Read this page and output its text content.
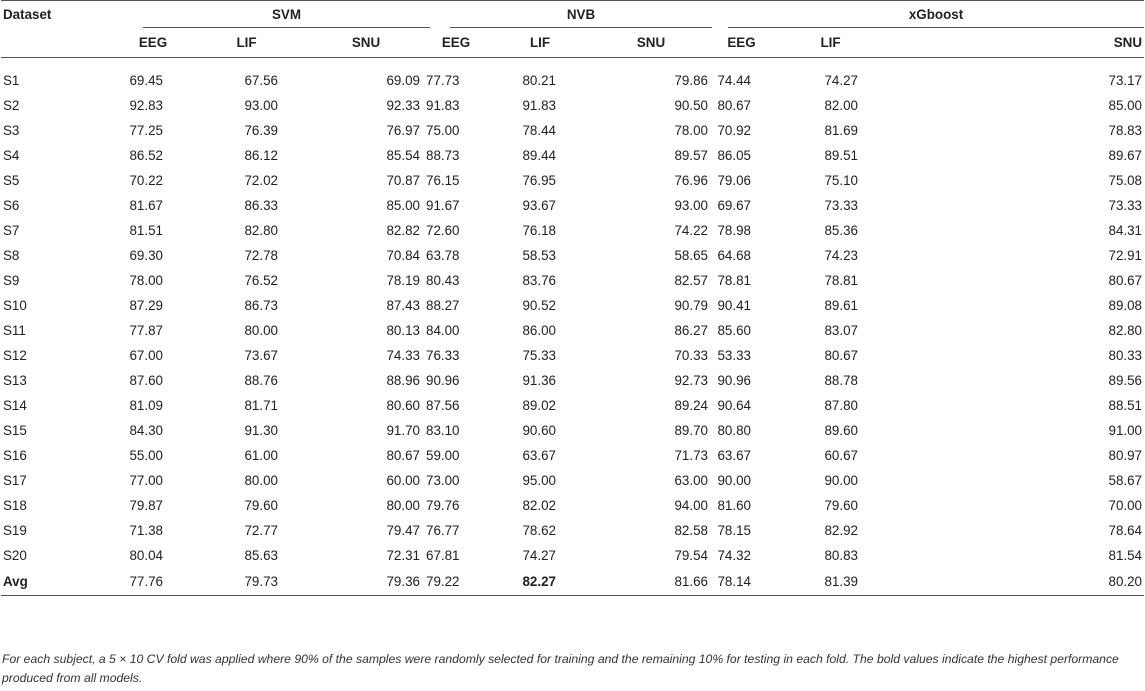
Dataset	SVM			NVB			xGboost		

	EEG	LIF	SNU	EEG	LIF	SNU	EEG	LIF	SNU
S1	69.45	67.56	69.09	77.73	80.21	79.86	74.44	74.27	73.17
S2	92.83	93.00	92.33	91.83	91.83	90.50	80.67	82.00	85.00
S3	77.25	76.39	76.97	75.00	78.44	78.00	70.92	81.69	78.83
S4	86.52	86.12	85.54	88.73	89.44	89.57	86.05	89.51	89.67
S5	70.22	72.02	70.87	76.15	76.95	76.96	79.06	75.10	75.08
S6	81.67	86.33	85.00	91.67	93.67	93.00	69.67	73.33	73.33
S7	81.51	82.80	82.82	72.60	76.18	74.22	78.98	85.36	84.31
S8	69.30	72.78	70.84	63.78	58.53	58.65	64.68	74.23	72.91
S9	78.00	76.52	78.19	80.43	83.76	82.57	78.81	78.81	80.67
S10	87.29	86.73	87.43	88.27	90.52	90.79	90.41	89.61	89.08
S11	77.87	80.00	80.13	84.00	86.00	86.27	85.60	83.07	82.80
S12	67.00	73.67	74.33	76.33	75.33	70.33	53.33	80.67	80.33
S13	87.60	88.76	88.96	90.96	91.36	92.73	90.96	88.78	89.56
S14	81.09	81.71	80.60	87.56	89.02	89.24	90.64	87.80	88.51
S15	84.30	91.30	91.70	83.10	90.60	89.70	80.80	89.60	91.00
S16	55.00	61.00	80.67	59.00	63.67	71.73	63.67	60.67	80.97
S17	77.00	80.00	60.00	73.00	95.00	63.00	90.00	90.00	58.67
S18	79.87	79.60	80.00	79.76	82.02	94.00	81.60	79.60	70.00
S19	71.38	72.77	79.47	76.77	78.62	82.58	78.15	82.92	78.64
S20	80.04	85.63	72.31	67.81	74.27	79.54	74.32	80.83	81.54
Avg	77.76	79.73	79.36	79.22	82.27	81.66	78.14	81.39	80.20
For each subject, a 5 × 10 CV fold was applied where 90% of the samples were randomly selected for training and the remaining 10% for testing in each fold. The bold values indicate the highest performance produced from all models.
